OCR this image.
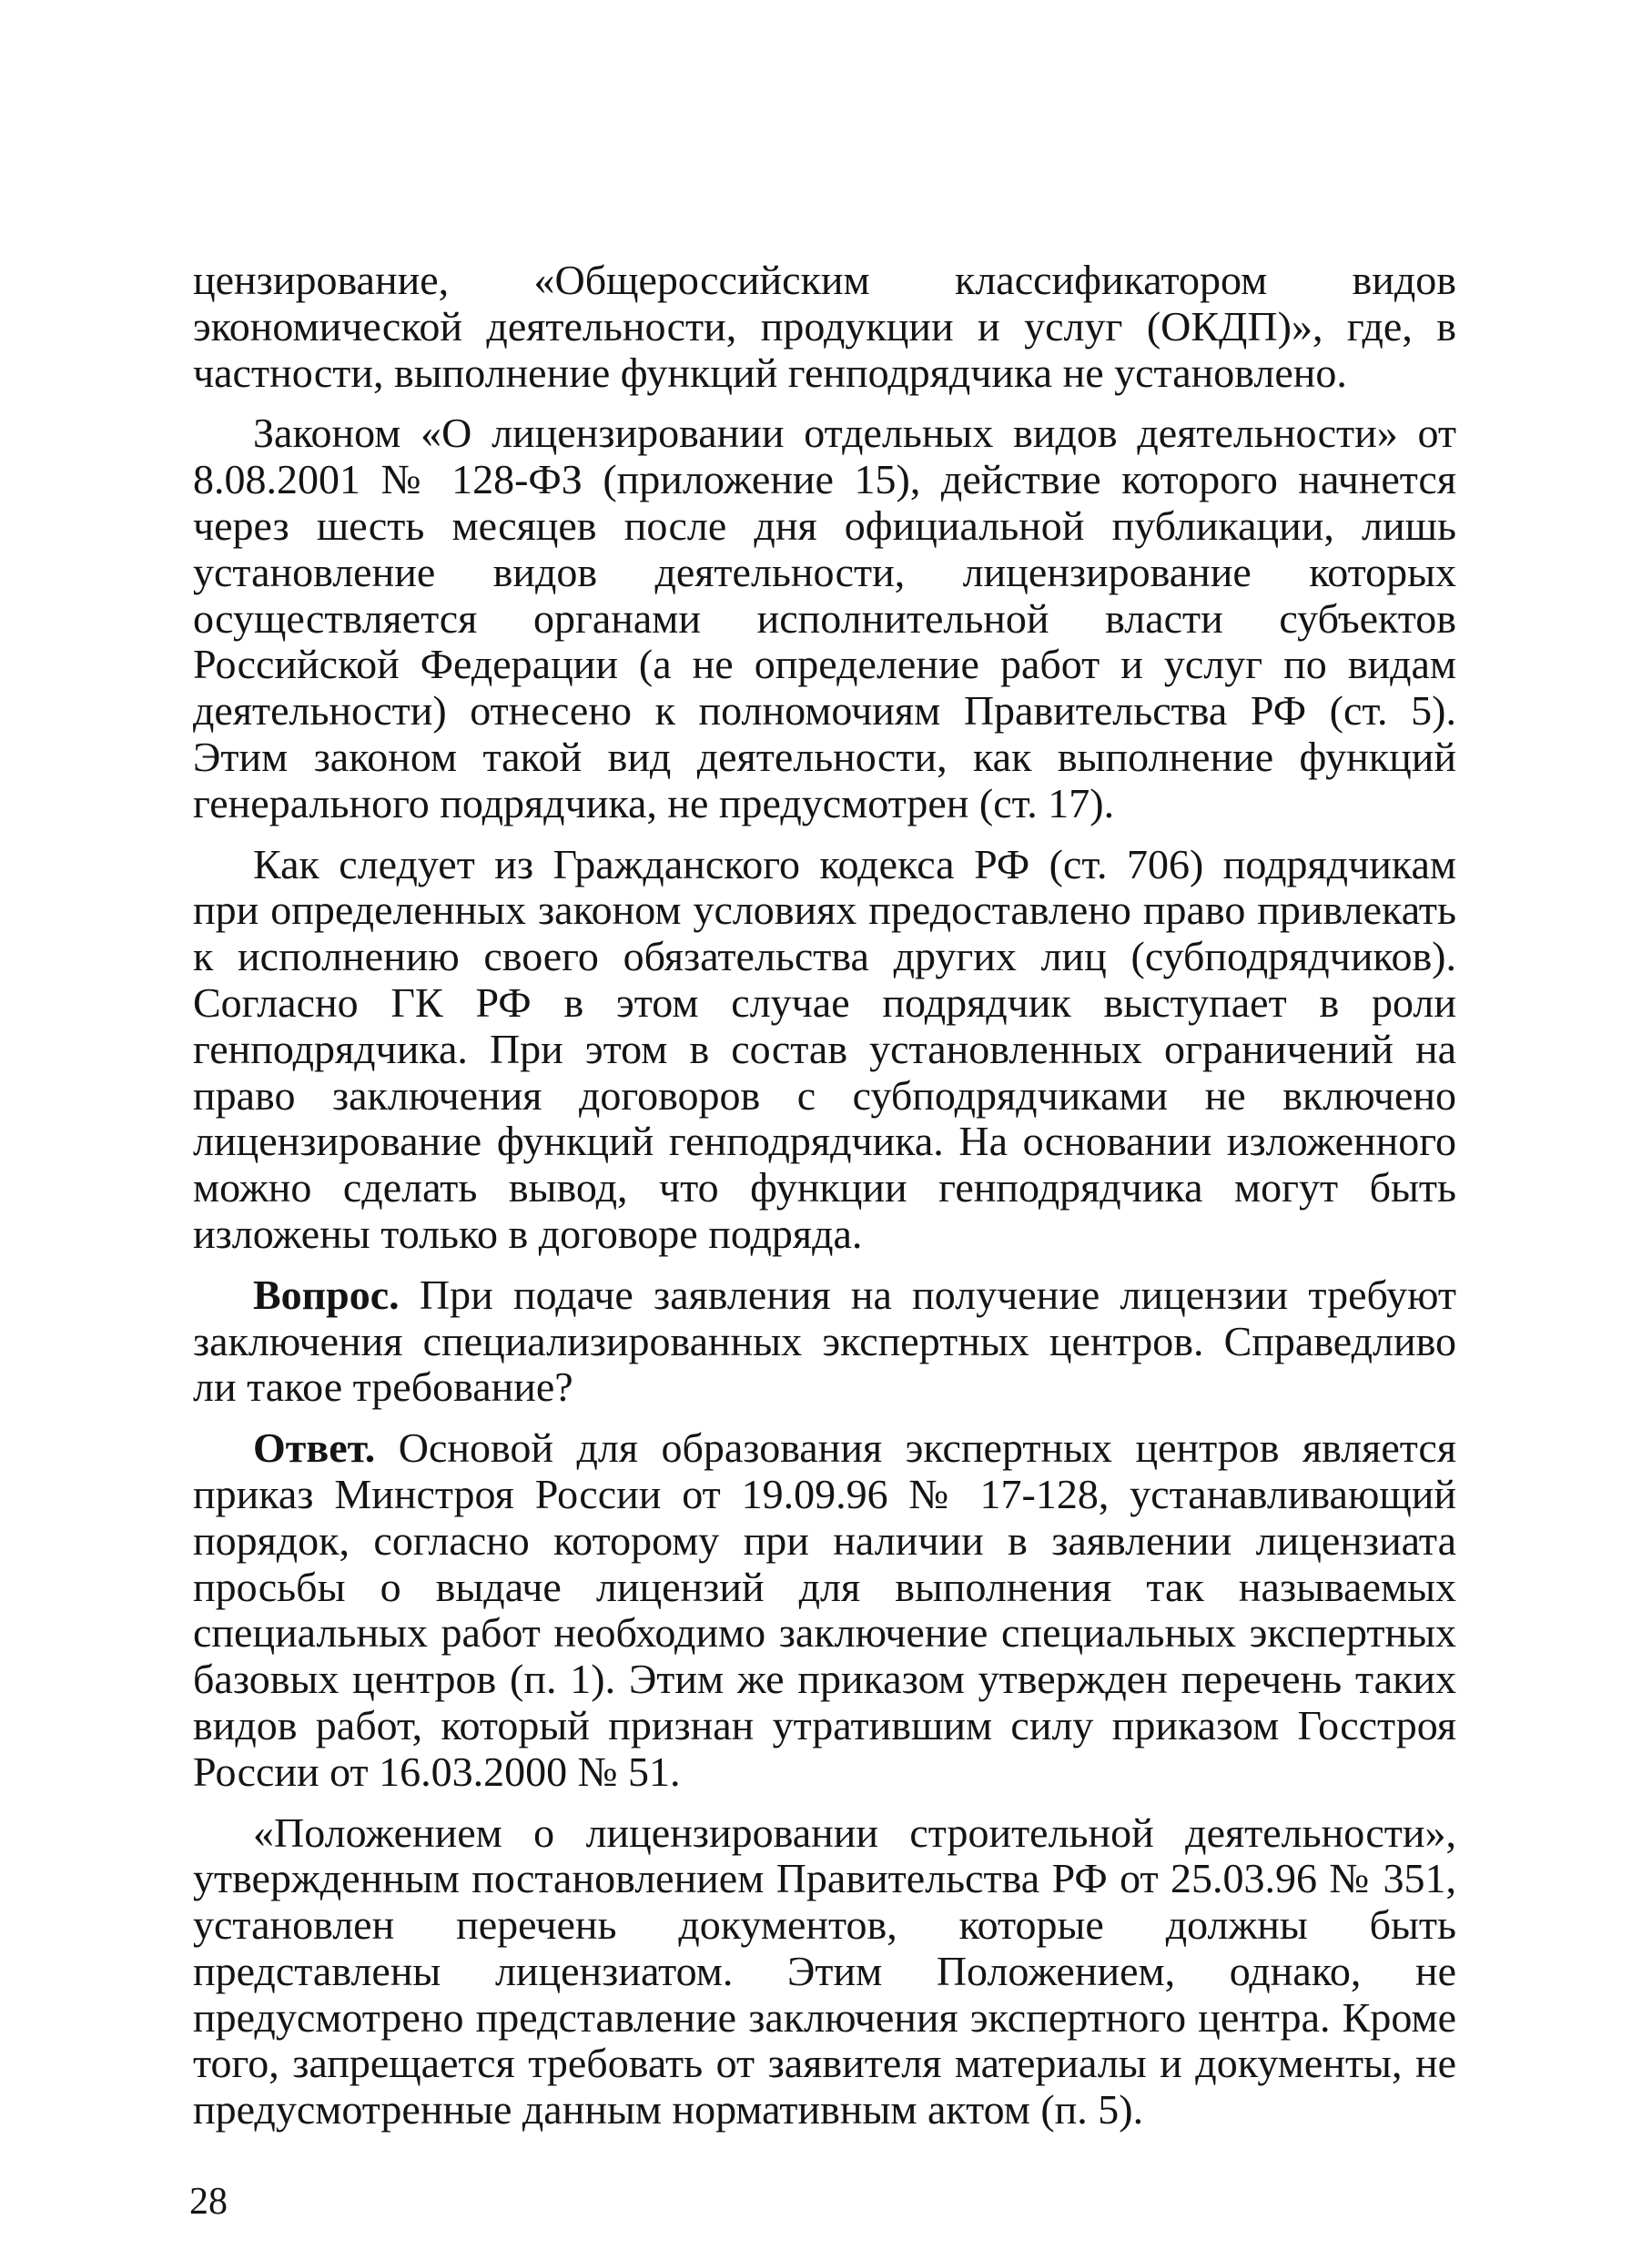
цензирование, «Общероссийским классификатором видов экономической деятельности, продукции и услуг (ОКДП)», где, в частности, выполнение функций генподрядчика не установлено.

Законом «О лицензировании отдельных видов деятельности» от 8.08.2001 № 128-ФЗ (приложение 15), действие которого начнется через шесть месяцев после дня официальной публикации, лишь установление видов деятельности, лицензирование которых осуществляется органами исполнительной власти субъектов Российской Федерации (а не определение работ и услуг по видам деятельности) отнесено к полномочиям Правительства РФ (ст. 5). Этим законом такой вид деятельности, как выполнение функций генерального подрядчика, не предусмотрен (ст. 17).

Как следует из Гражданского кодекса РФ (ст. 706) подрядчикам при определенных законом условиях предоставлено право привлекать к исполнению своего обязательства других лиц (субподрядчиков). Согласно ГК РФ в этом случае подрядчик выступает в роли генподрядчика. При этом в состав установленных ограничений на право заключения договоров с субподрядчиками не включено лицензирование функций генподрядчика. На основании изложенного можно сделать вывод, что функции генподрядчика могут быть изложены только в договоре подряда.

Вопрос. При подаче заявления на получение лицензии требуют заключения специализированных экспертных центров. Справедливо ли такое требование?

Ответ. Основой для образования экспертных центров является приказ Минстроя России от 19.09.96 № 17-128, устанавливающий порядок, согласно которому при наличии в заявлении лицензиата просьбы о выдаче лицензий для выполнения так называемых специальных работ необходимо заключение специальных экспертных базовых центров (п. 1). Этим же приказом утвержден перечень таких видов работ, который признан утратившим силу приказом Госстроя России от 16.03.2000 № 51.

«Положением о лицензировании строительной деятельности», утвержденным постановлением Правительства РФ от 25.03.96 № 351, установлен перечень документов, которые должны быть представлены лицензиатом. Этим Положением, однако, не предусмотрено представление заключения экспертного центра. Кроме того, запрещается требовать от заявителя материалы и документы, не предусмотренные данным нормативным актом (п. 5).

28
